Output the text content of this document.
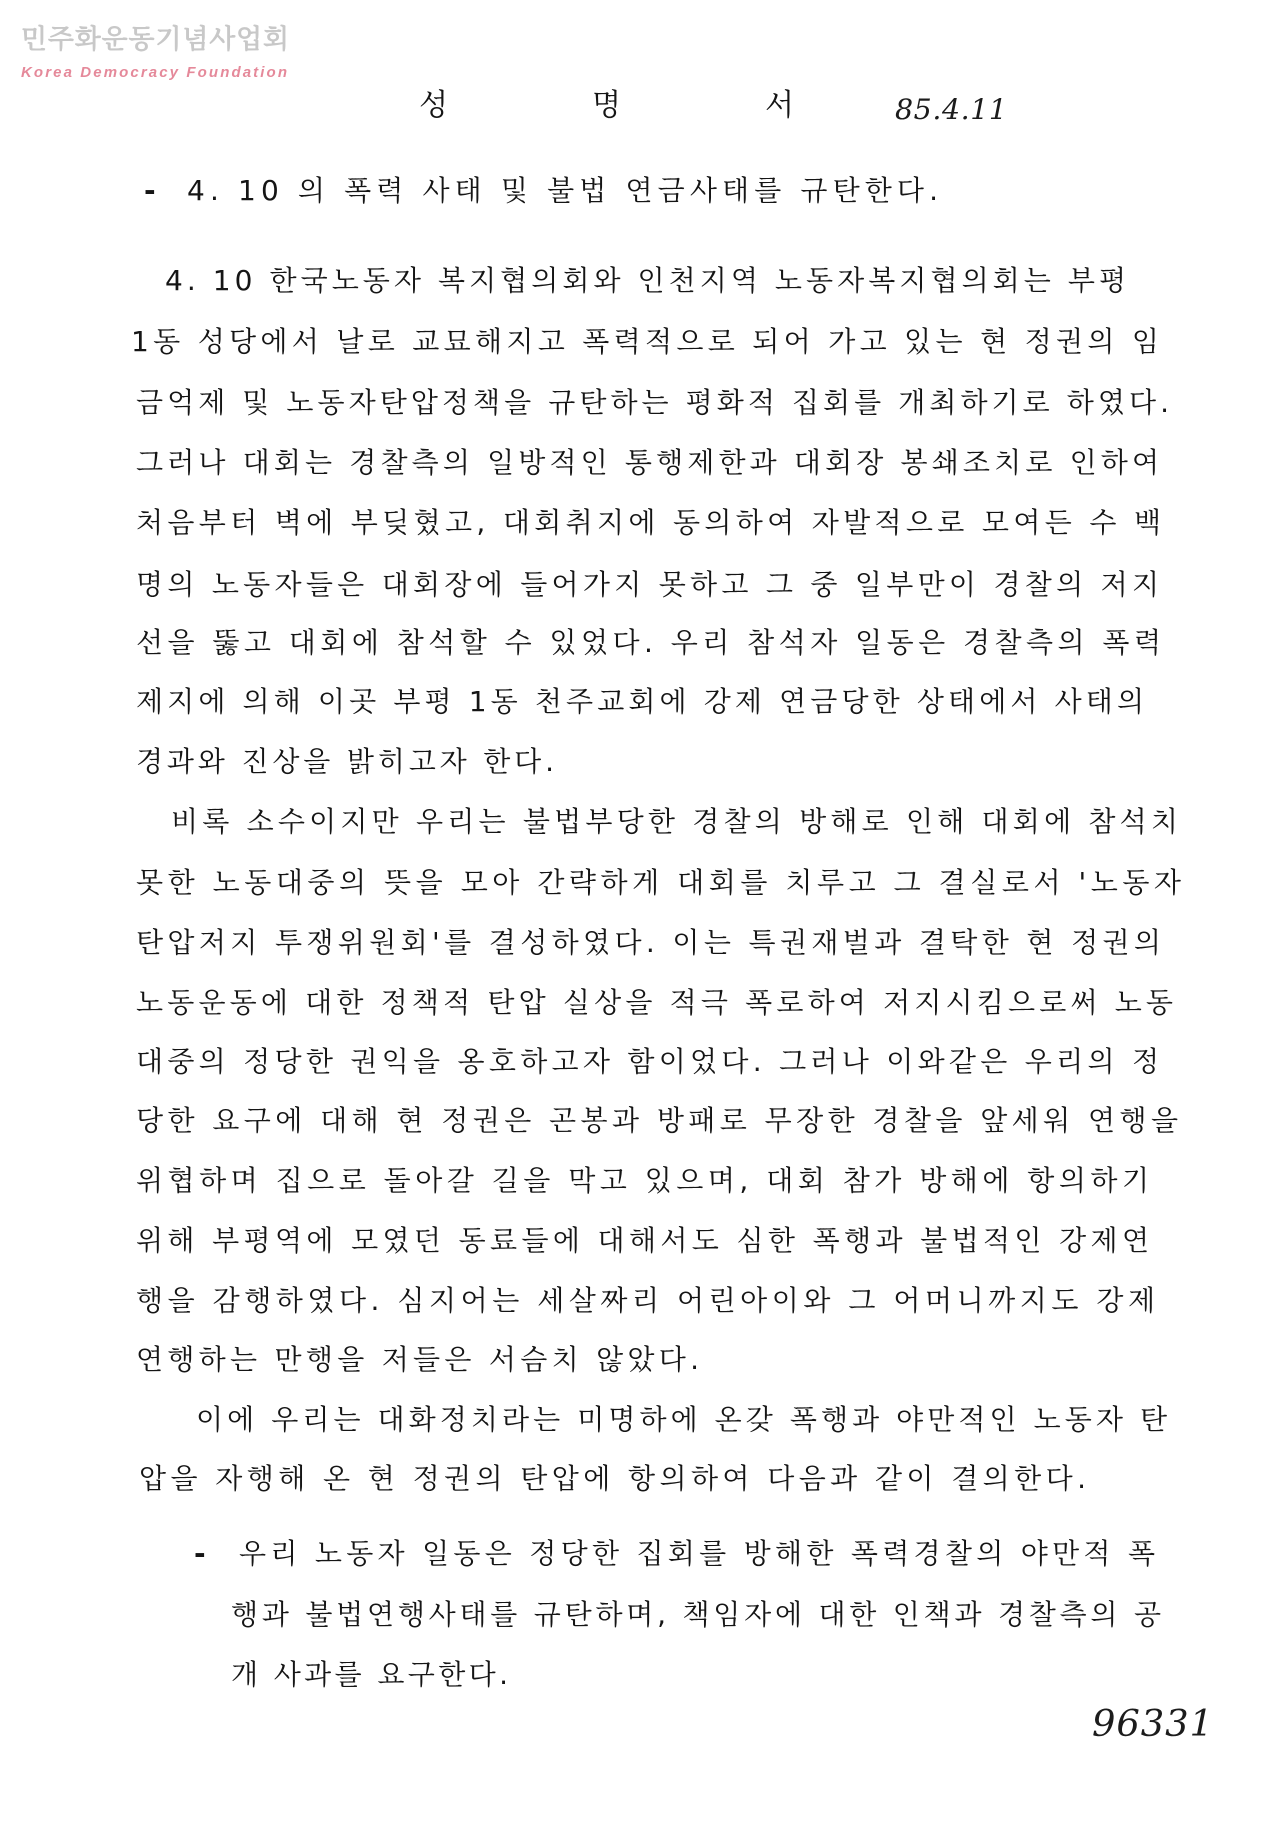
민주화운동기념사업회
Korea Democracy Foundation
성 명 서 85.4.11
- 4. 10 의 폭력 사태 및 불법 연금사태를 규탄한다.
4. 10 한국노동자 복지협의회와 인천지역 노동자복지협의회는 부평
1동 성당에서 날로 교묘해지고 폭력적으로 되어 가고 있는 현 정권의 임
금억제 및 노동자탄압정책을 규탄하는 평화적 집회를 개최하기로 하였다.
그러나 대회는 경찰측의 일방적인 통행제한과 대회장 봉쇄조치로 인하여
처음부터 벽에 부딪혔고, 대회취지에 동의하여 자발적으로 모여든 수 백
명의 노동자들은 대회장에 들어가지 못하고 그 중 일부만이 경찰의 저지
선을 뚫고 대회에 참석할 수 있었다. 우리 참석자 일동은 경찰측의 폭력
제지에 의해 이곳 부평 1동 천주교회에 강제 연금당한 상태에서 사태의
경과와 진상을 밝히고자 한다.
비록 소수이지만 우리는 불법부당한 경찰의 방해로 인해 대회에 참석치
못한 노동대중의 뜻을 모아 간략하게 대회를 치루고 그 결실로서 '노동자
탄압저지 투쟁위원회'를 결성하였다. 이는 특권재벌과 결탁한 현 정권의
노동운동에 대한 정책적 탄압 실상을 적극 폭로하여 저지시킴으로써 노동
대중의 정당한 권익을 옹호하고자 함이었다. 그러나 이와같은 우리의 정
당한 요구에 대해 현 정권은 곤봉과 방패로 무장한 경찰을 앞세워 연행을
위협하며 집으로 돌아갈 길을 막고 있으며, 대회 참가 방해에 항의하기
위해 부평역에 모였던 동료들에 대해서도 심한 폭행과 불법적인 강제연
행을 감행하였다. 심지어는 세살짜리 어린아이와 그 어머니까지도 강제
연행하는 만행을 저들은 서슴치 않았다.
이에 우리는 대화정치라는 미명하에 온갖 폭행과 야만적인 노동자 탄
압을 자행해 온 현 정권의 탄압에 항의하여 다음과 같이 결의한다.
- 우리 노동자 일동은 정당한 집회를 방해한 폭력경찰의 야만적 폭
행과 불법연행사태를 규탄하며, 책임자에 대한 인책과 경찰측의 공
개 사과를 요구한다.
96331
